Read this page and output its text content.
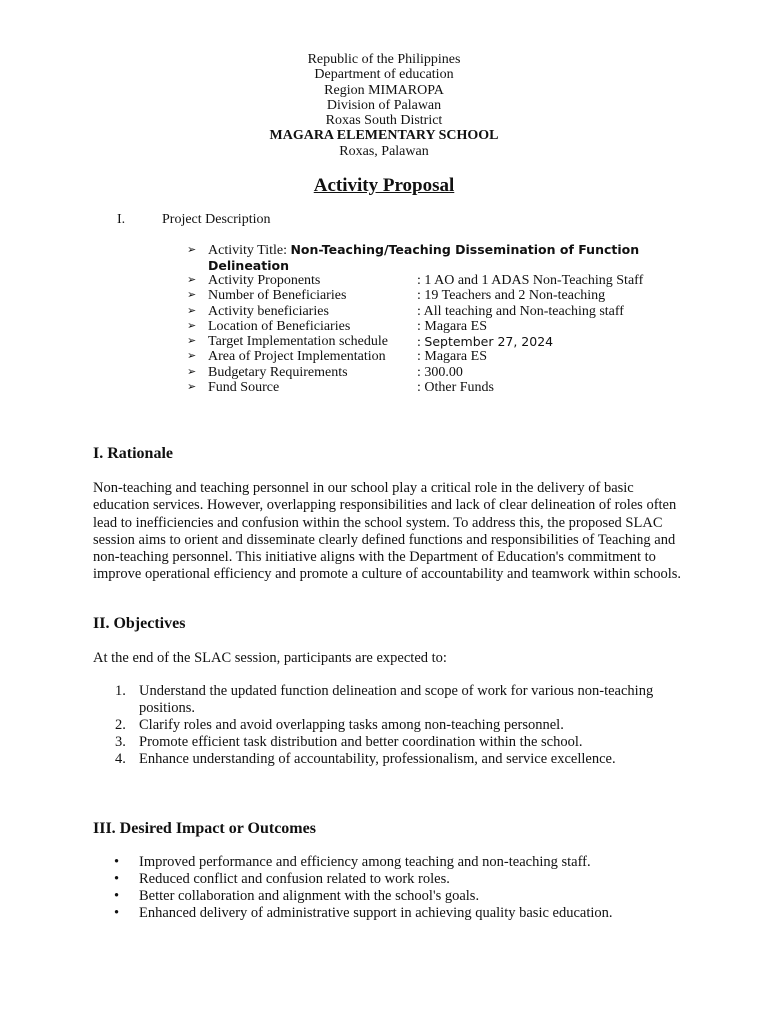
Republic of the Philippines
Department of education
Region MIMAROPA
Division of Palawan
Roxas South District
MAGARA ELEMENTARY SCHOOL
Roxas, Palawan
Activity Proposal
I.	Project Description
➢ Activity Title: Non-Teaching/Teaching Dissemination of Function Delineation
➢ Activity Proponents	: 1 AO and 1 ADAS Non-Teaching Staff
➢ Number of Beneficiaries	: 19 Teachers and 2 Non-teaching
➢ Activity beneficiaries	: All teaching and Non-teaching staff
➢ Location of Beneficiaries	: Magara ES
➢ Target Implementation schedule : September 27, 2024
➢ Area of Project Implementation : Magara ES
➢ Budgetary Requirements	: 300.00
➢ Fund Source	: Other Funds
I. Rationale

Non-teaching and teaching personnel in our school play a critical role in the delivery of basic education services. However, overlapping responsibilities and lack of clear delineation of roles often lead to inefficiencies and confusion within the school system. To address this, the proposed SLAC session aims to orient and disseminate clearly defined functions and responsibilities of Teaching and non-teaching personnel. This initiative aligns with the Department of Education's commitment to improve operational efficiency and promote a culture of accountability and teamwork within schools.

II. Objectives

At the end of the SLAC session, participants are expected to:

1. Understand the updated function delineation and scope of work for various non-teaching positions.
2. Clarify roles and avoid overlapping tasks among non-teaching personnel.
3. Promote efficient task distribution and better coordination within the school.
4. Enhance understanding of accountability, professionalism, and service excellence.
III. Desired Impact or Outcomes
• Improved performance and efficiency among teaching and non-teaching staff.
• Reduced conflict and confusion related to work roles.
• Better collaboration and alignment with the school's goals.
• Enhanced delivery of administrative support in achieving quality basic education.
